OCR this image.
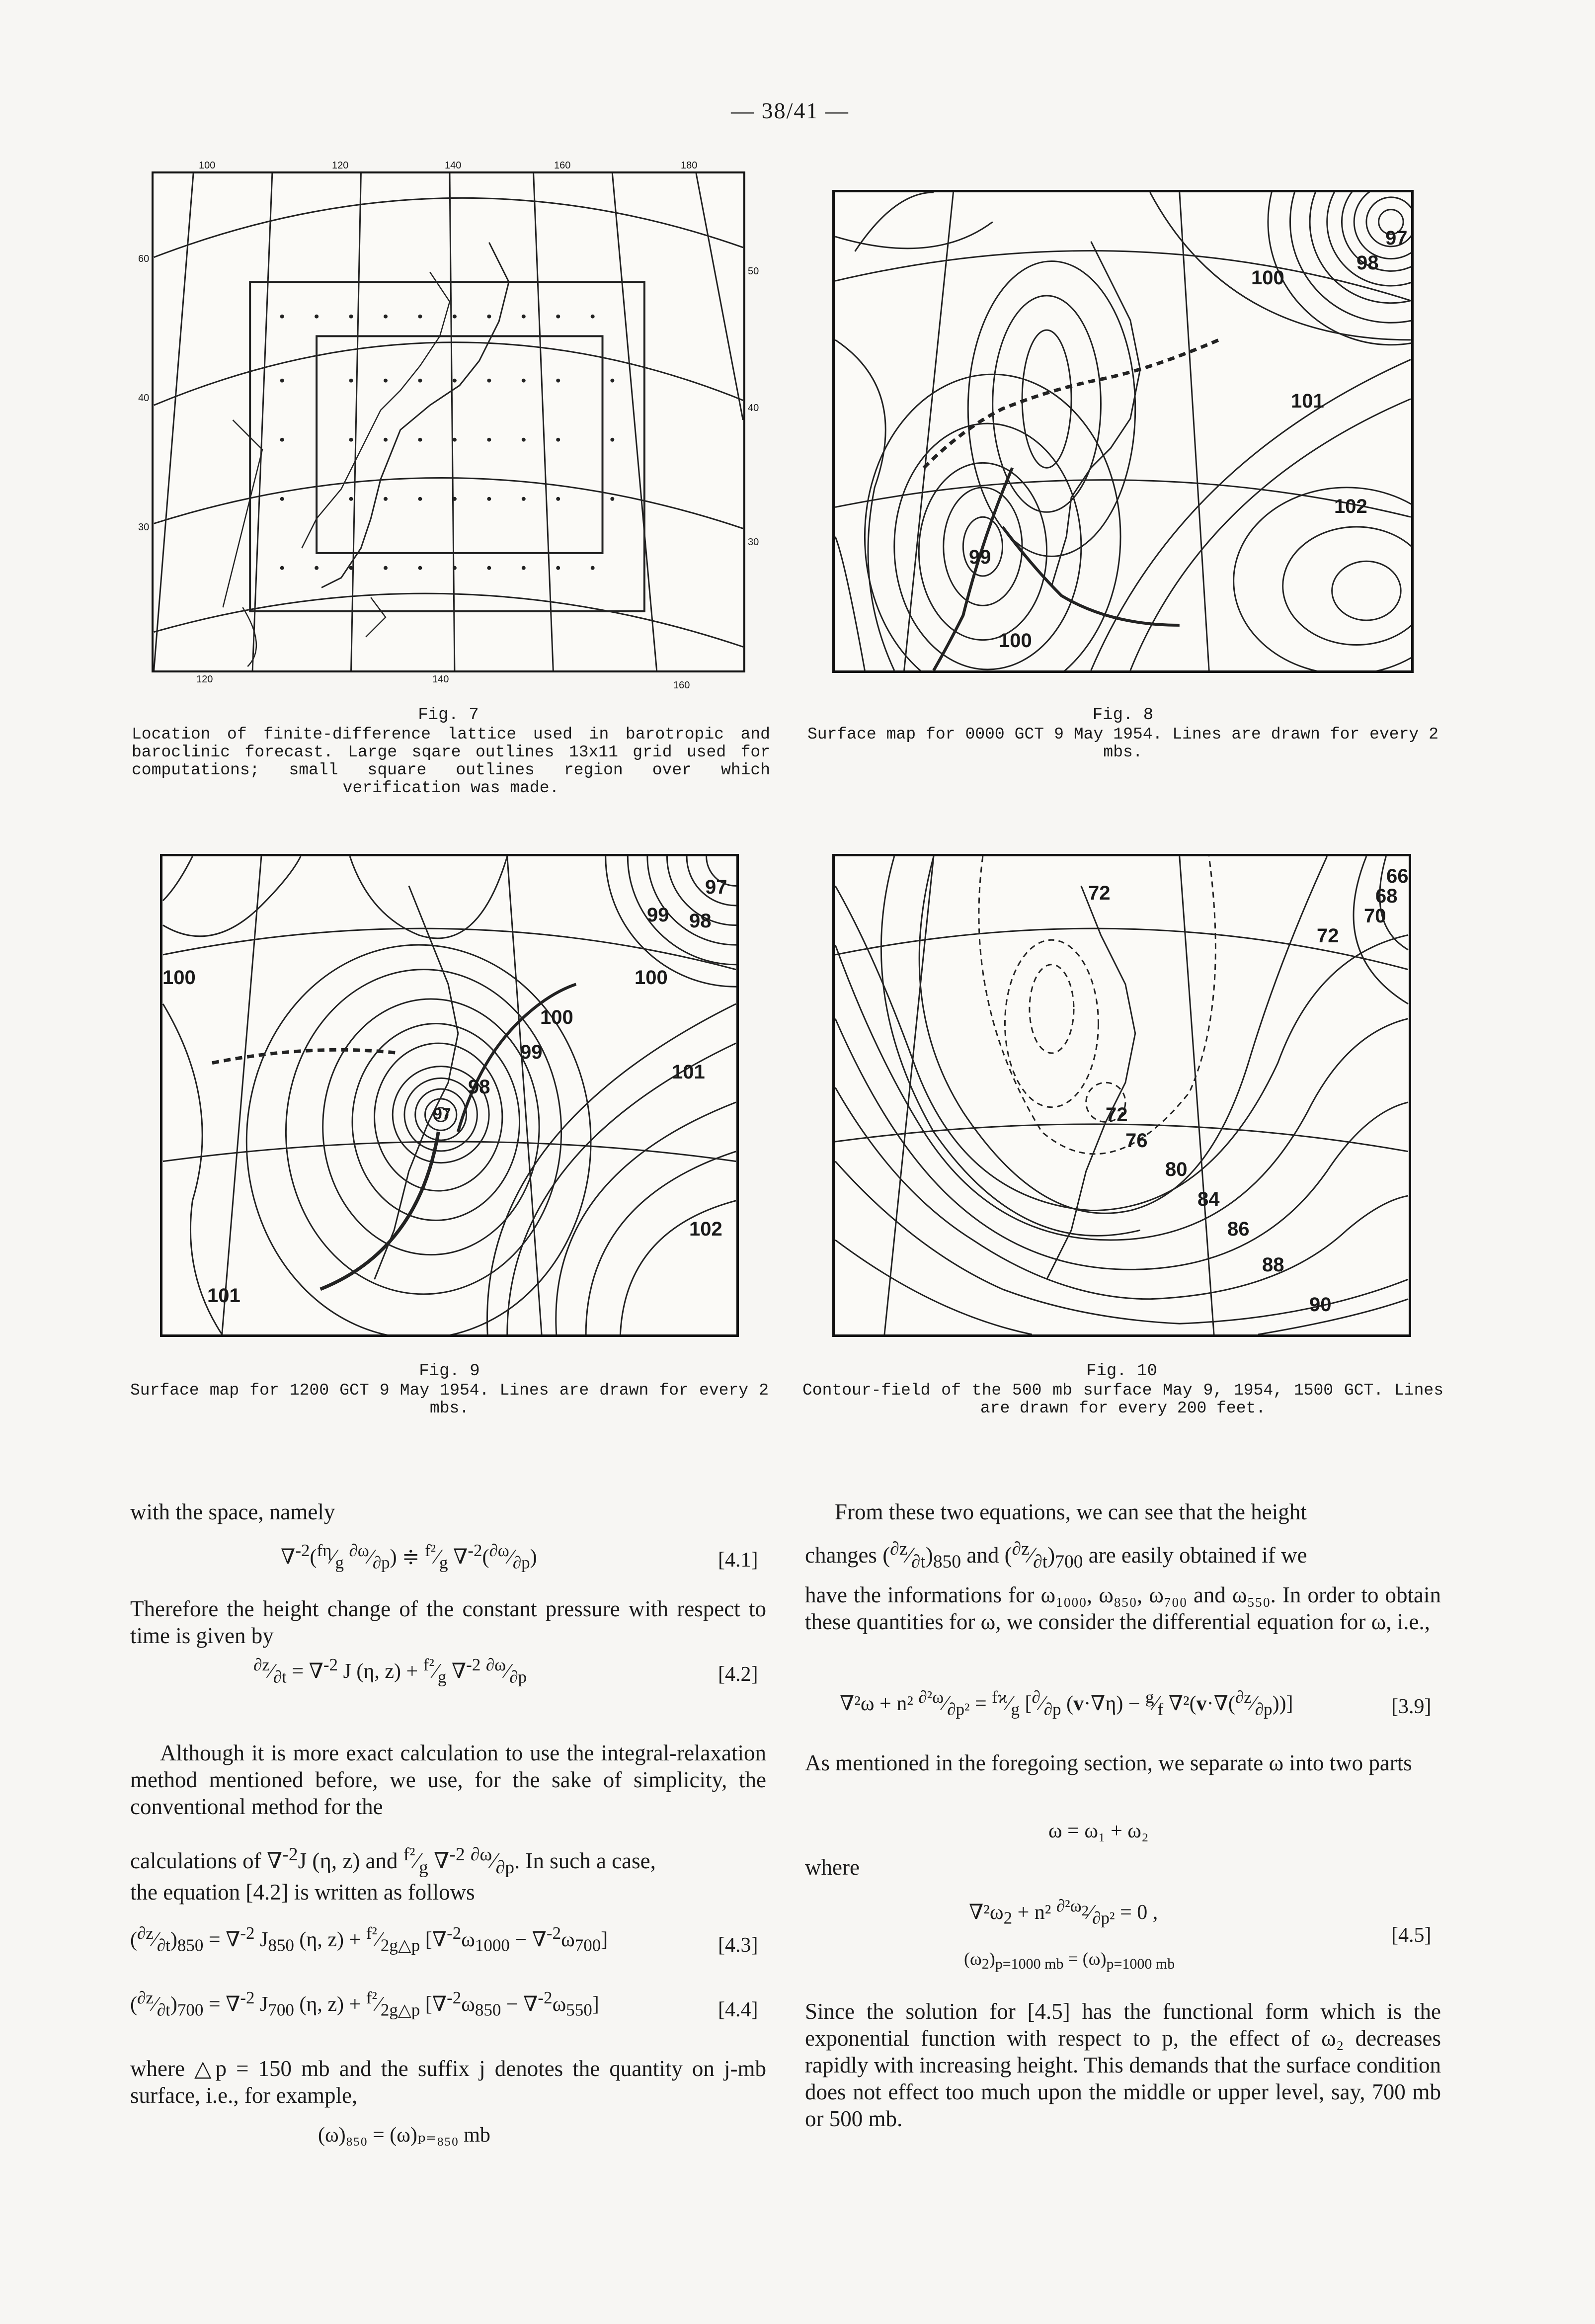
— 38/41 —
100	120	140	160	180
120	140
160
60
40
30
50
40
30
Fig. 7
Location of finite-difference lattice used in barotropic and baroclinic forecast. Large sqare outlines 13x11 grid used for computations; small square outlines region over which verification was made.
97
98
100
101
102
99
100
Fig. 8
Surface map for 0000 GCT 9 May 1954. Lines are drawn for every 2 mbs.
97
98
99
100	100
100
99
98
101
97
102
101
Fig. 9
Surface map for 1200 GCT 9 May 1954. Lines are drawn for every 2 mbs.
66
68
70
72
72
72
76
80
84
86
88
90
Fig. 10
Contour-field of the 500 mb surface May 9, 1954, 1500 GCT. Lines are drawn for every 200 feet.
with the space, namely
$\nabla^{-2}(^{f\eta}⁄_g$ $^{\partial\omega}⁄_{\partial p}$) ≑ $^{f^2}⁄_g$ $\nabla^{-2}(^{\partial\omega}⁄_{\partial p})$	[4.1]
Therefore the height change of the constant pressure with respect to time is given by
$^{\partial z}⁄_{\partial t} = \nabla^{-2}$ J (η, $z) + ^{f^2}⁄_g$ ∇$^{-2}$ $^{\partial\omega}⁄_{\partial p}$	[4.2]
Although it is more exact calculation to use the integral-relaxation method mentioned before, we use, for the sake of simplicity, the conventional method for the
calculations of ∇$^{-2}$J (η, z) and $^{f^2}⁄_g$ ∇$^{-2}$ $^{\partial\omega}⁄_{\partial p}$. In such a case,
the equation [4.2] is written as follows
$(^{\partial z}⁄_{\partial t})_{850} = \nabla^{-2}$ $J_{850}$ (η, $z) + ^{f^2}⁄_{2g\triangle p}$ $[\nabla^{-2}\omega_{1000} - \nabla^{-2}\omega_{700}]$	[4.3]
$(^{\partial z}⁄_{\partial t})_{700} = \nabla^{-2}$ $J_{700}$ (η, $z) + ^{f^2}⁄_{2g\triangle p}$ $[\nabla^{-2}\omega_{850} - \nabla^{-2}\omega_{550}]$	[4.4]
where △p = 150 mb and the suffix j denotes the quantity on j-mb surface, i.e., for example,
(ω)₈₅₀ = (ω)ₚ₌₈₅₀ mb
From these two equations, we can see that the height
changes $(^{\partial z}⁄_{\partial t})_{850}$ and $(^{\partial z}⁄_{\partial t})_{700}$ are easily obtained if we
have the informations for ω₁₀₀₀, ω₈₅₀, ω₇₀₀ and ω₅₅₀. In order to obtain these quantities for ω, we consider the differential equation for ω, i.e.,
∇²ω + n² $^{\partial^2\omega}⁄_{\partial p^2}$ = $^{fϰ}⁄_g$ [$^\partial⁄_{\partial p}$ $(v\cdot\nabla\eta) - ^g⁄_f$ $\nabla^2(v\cdot\nabla(^{\partial z}⁄_{\partial p}))$]	[3.9]
As mentioned in the foregoing section, we separate ω into two parts
ω = ω₁ + ω₂
where
$\nabla^2\omega_2 + n^2$ $^{\partial^2\omega_2}⁄_{\partial p^2} = 0$ ,
$(\omega_2)_{p=1000 mb} = (\omega)_{p=1000 mb}$
[4.5]
Since the solution for [4.5] has the functional form which is the exponential function with respect to p, the effect of ω₂ decreases rapidly with increasing height. This demands that the surface condition does not effect too much upon the middle or upper level, say, 700 mb or 500 mb.
